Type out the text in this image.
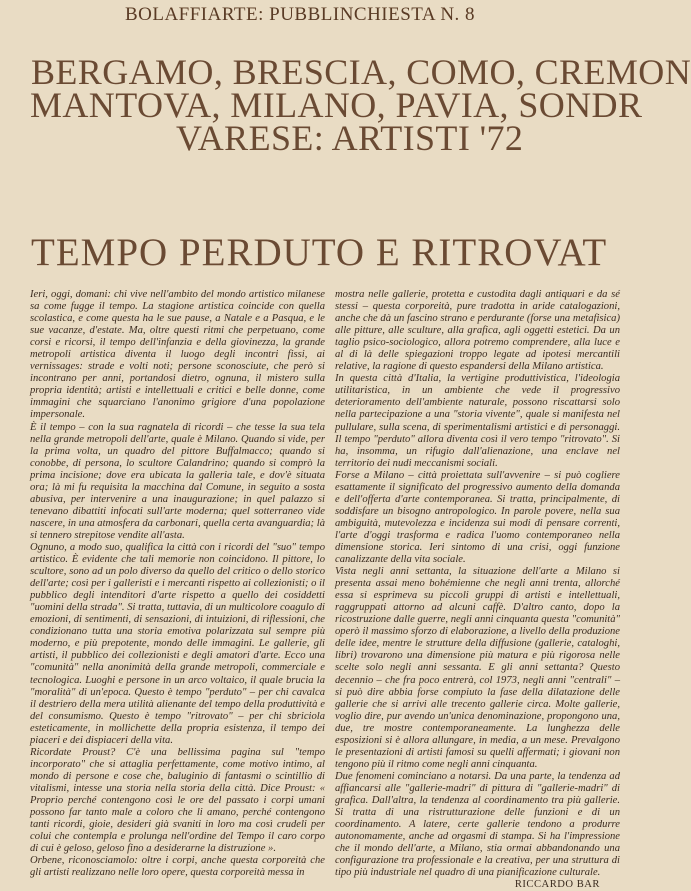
BOLAFFIARTE: PUBBLINCHIESTA N. 8
BERGAMO, BRESCIA, COMO, CREMON
MANTOVA, MILANO, PAVIA, SONDR
VARESE: ARTISTI '72
TEMPO PERDUTO E RITROVAT

Ieri, oggi, domani: chi vive nell'ambito del mondo artistico milanese sa come fugge il tempo. La stagione artistica coincide con quella scolastica, e come questa ha le sue pause, a Natale e a Pasqua, e le sue vacanze, d'estate. Ma, oltre questi ritmi che perpetuano, come corsi e ricorsi, il tempo dell'infanzia e della giovinezza, la grande metropoli artistica diventa il luogo degli incontri fissi, ai vernissages: strade e volti noti; persone sconosciute, che però si incontrano per anni, portandosi dietro, ognuna, il mistero sulla propria identità; artisti e intellettuali e critici e belle donne, come immagini che squarciano l'anonimo grigiore d'una popolazione impersonale.

È il tempo – con la sua ragnatela di ricordi – che tesse la sua tela nella grande metropoli dell'arte, quale è Milano. Quando si vide, per la prima volta, un quadro del pittore Buffalmacco; quando si conobbe, di persona, lo scultore Calandrino; quando si comprò la prima incisione; dove era ubicata la galleria tale, e dov'è situata ora; là mi fu requisita la macchina dal Comune, in seguito a sosta abusiva, per intervenire a una inaugurazione; in quel palazzo si tenevano dibattiti infocati sull'arte moderna; quel sotterraneo vide nascere, in una atmosfera da carbonari, quella certa avanguardia; là si tennero strepitose vendite all'asta.

Ognuno, a modo suo, qualifica la città con i ricordi del "suo" tempo artistico. È evidente che tali memorie non coincidono. Il pittore, lo scultore, sono ad un polo diverso da quello del critico o dello storico dell'arte; così per i galleristi e i mercanti rispetto ai collezionisti; o il pubblico degli intenditori d'arte rispetto a quello dei cosiddetti "uomini della strada". Si tratta, tuttavia, di un multicolore coagulo di emozioni, di sentimenti, di sensazioni, di intuizioni, di riflessioni, che condizionano tutta una storia emotiva polarizzata sul sempre più moderno, e più prepotente, mondo delle immagini. Le gallerie, gli artisti, il pubblico dei collezionisti e degli amatori d'arte. Ecco una "comunità" nella anonimità della grande metropoli, commerciale e tecnologica. Luoghi e persone in un arco voltaico, il quale brucia la "moralità" di un'epoca. Questo è tempo "perduto" – per chi cavalca il destriero della mera utilità alienante del tempo della produttività e del consumismo. Questo è tempo "ritrovato" – per chi sbriciola esteticamente, in mollichette della propria esistenza, il tempo dei piaceri e dei dispiaceri della vita.

Ricordate Proust? C'è una bellissima pagina sul "tempo incorporato" che si attaglia perfettamente, come motivo intimo, al mondo di persone e cose che, baluginio di fantasmi o scintillio di vitalismi, intesse una storia nella storia della città. Dice Proust: « Proprio perché contengono così le ore del passato i corpi umani possono far tanto male a coloro che li amano, perché contengono tanti ricordi, gioie, desideri già svaniti in loro ma così crudeli per colui che contempla e prolunga nell'ordine del Tempo il caro corpo di cui è geloso, geloso fino a desiderarne la distruzione ».

Orbene, riconosciamolo: oltre i corpi, anche questa corporeità che gli artisti realizzano nelle loro opere, questa corporeità messa in

mostra nelle gallerie, protetta e custodita dagli antiquari e da sé stessi – questa corporeità, pure tradotta in aride catalogazioni, anche che dà un fascino strano e perdurante (forse una metafisica) alle pitture, alle sculture, alla grafica, agli oggetti estetici. Da un taglio psico-sociologico, allora potremo comprendere, alla luce e al di là delle spiegazioni troppo legate ad ipotesi mercantili relative, la ragione di questo espandersi della Milano artistica.

In questa città d'Italia, la vertigine produttivistica, l'ideologia utilitaristica, in un ambiente che vede il progressivo deterioramento dell'ambiente naturale, possono riscattarsi solo nella partecipazione a una "storia vivente", quale si manifesta nel pullulare, sulla scena, di sperimentalismi artistici e di personaggi. Il tempo "perduto" allora diventa così il vero tempo "ritrovato". Si ha, insomma, un rifugio dall'alienazione, una enclave nel territorio dei nudi meccanismi sociali.

Forse a Milano – città proiettata sull'avvenire – si può cogliere esattamente il significato del progressivo aumento della domanda e dell'offerta d'arte contemporanea. Si tratta, principalmente, di soddisfare un bisogno antropologico. In parole povere, nella sua ambiguità, mutevolezza e incidenza sui modi di pensare correnti, l'arte d'oggi trasforma e radica l'uomo contemporaneo nella dimensione storica. Ieri sintomo di una crisi, oggi funzione canalizzante della vita sociale.

Vista negli anni settanta, la situazione dell'arte a Milano si presenta assai meno bohémienne che negli anni trenta, allorché essa si esprimeva su piccoli gruppi di artisti e intellettuali, raggruppati attorno ad alcuni caffè. D'altro canto, dopo la ricostruzione dalle guerre, negli anni cinquanta questa "comunità" operò il massimo sforzo di elaborazione, a livello della produzione delle idee, mentre le strutture della diffusione (gallerie, cataloghi, libri) trovarono una dimensione più matura e più rigorosa nelle scelte solo negli anni sessanta. E gli anni settanta? Questo decennio – che fra poco entrerà, col 1973, negli anni "centrali" – si può dire abbia forse compiuto la fase della dilatazione delle gallerie che si arrivi alle trecento gallerie circa. Molte gallerie, voglio dire, pur avendo un'unica denominazione, propongono una, due, tre mostre contemporaneamente. La lunghezza delle esposizioni si è allora allungare, in media, a un mese. Prevalgono le presentazioni di artisti famosi su quelli affermati; i giovani non tengono più il ritmo come negli anni cinquanta.

Due fenomeni cominciano a notarsi. Da una parte, la tendenza ad affiancarsi alle "gallerie-madri" di pittura di "gallerie-madri" di grafica. Dall'altra, la tendenza al coordinamento tra più gallerie. Si tratta di una ristrutturazione delle funzioni e di un coordinamento. A latere, certe gallerie tendono a produrre autonomamente, anche ad orgasmi di stampa. Si ha l'impressione che il mondo dell'arte, a Milano, stia ormai abbandonando una configurazione tra professionale e la creativa, per una struttura di tipo più industriale nel quadro di una pianificazione culturale.

RICCARDO BAR
